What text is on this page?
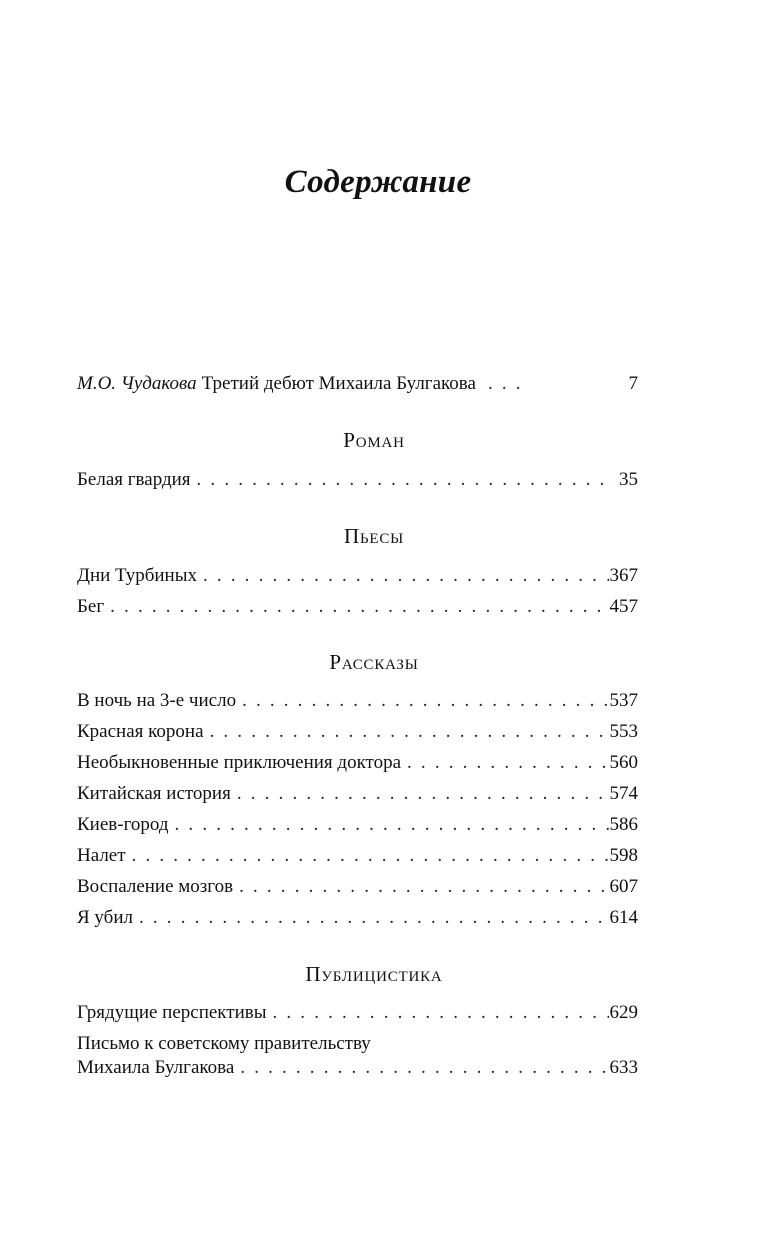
Содержание
М.О. Чудакова Третий дебют Михаила Булгакова . . .	7
Роман
Белая гвардия . . .	35
Пьесы
Дни Турбиных . . .	367
Бег . . .	457
Рассказы
В ночь на 3-е число . . .	537
Красная корона . . .	553
Необыкновенные приключения доктора . . .	560
Китайская история . . .	574
Киев-город . . .	586
Налет . . .	598
Воспаление мозгов . . .	607
Я убил . . .	614
Публицистика
Грядущие перспективы . . .	629
Письмо к советскому правительству
Михаила Булгакова . . .	633
